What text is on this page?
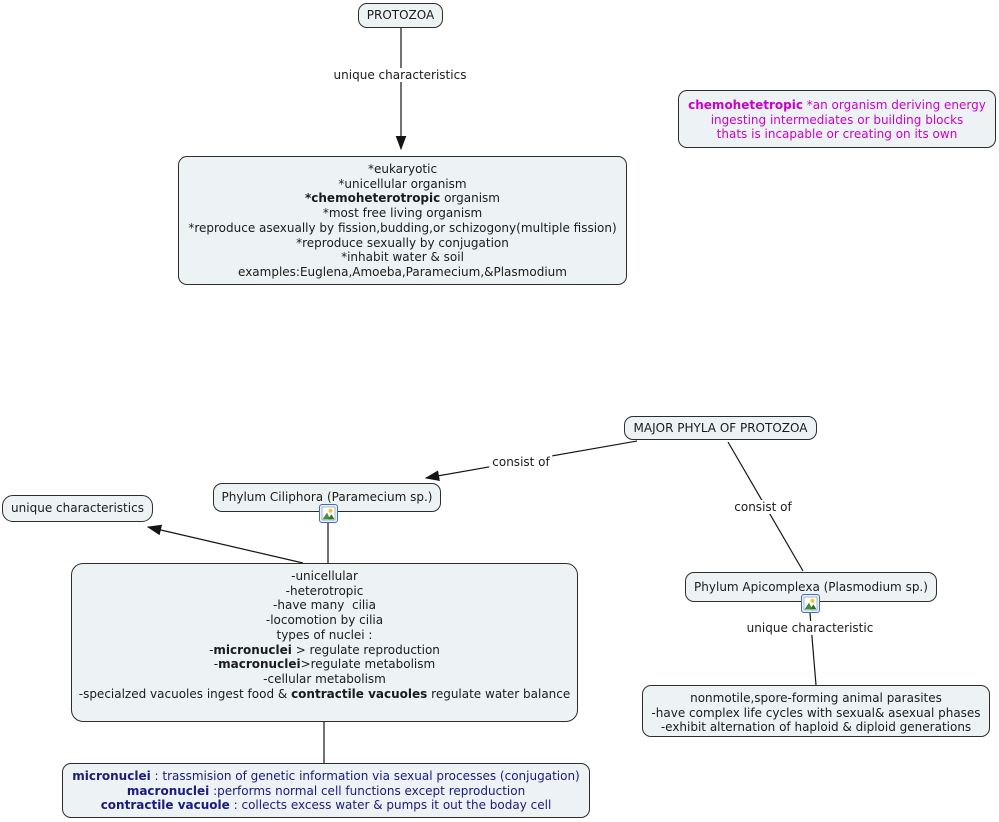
PROTOZOA
*eukaryotic
*unicellular organism
*chemoheterotropic organism
*most free living organism
*reproduce asexually by fission,budding,or schizogony(multiple fission)
*reproduce sexually by conjugation
*inhabit water & soil
examples:Euglena,Amoeba,Paramecium,&Plasmodium
chemohetetropic *an organism deriving energy
ingesting intermediates or building blocks
thats is incapable or creating on its own
MAJOR PHYLA OF PROTOZOA
Phylum Ciliphora (Paramecium sp.)
unique characteristics
-unicellular
-heterotropic
-have many  cilia
-locomotion by cilia
types of nuclei :
-micronuclei > regulate reproduction
-macronuclei>regulate metabolism
-cellular metabolism
-specialzed vacuoles ingest food & contractile vacuoles regulate water balance
micronuclei : trassmision of genetic information via sexual processes (conjugation)
macronuclei :performs normal cell functions except reproduction
contractile vacuole : collects excess water & pumps it out the boday cell
Phylum Apicomplexa (Plasmodium sp.)
nonmotile,spore-forming animal parasites
-have complex life cycles with sexual& asexual phases
-exhibit alternation of haploid & diploid generations
unique characteristics
consist of
consist of
unique characteristic
